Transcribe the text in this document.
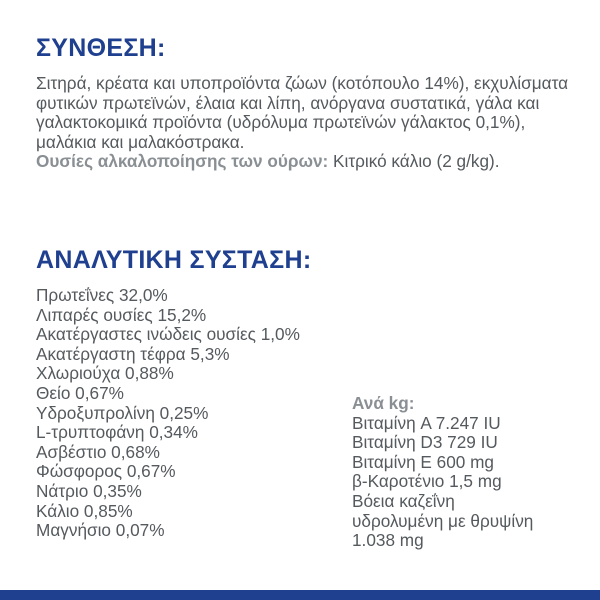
ΣΥΝΘΕΣΗ:

Σιτηρά, κρέατα και υποπροϊόντα ζώων (κοτόπουλο 14%), εκχυλίσματα φυτικών πρωτεϊνών, έλαια και λίπη, ανόργανα συστατικά, γάλα και γαλακτοκομικά προϊόντα (υδρόλυμα πρωτεϊνών γάλακτος 0,1%), μαλάκια και μαλακόστρακα.
Ουσίες αλκαλοποίησης των ούρων: Κιτρικό κάλιο (2 g/kg).

ΑΝΑΛΥΤΙΚΗ ΣΥΣΤΑΣΗ:
Πρωτεΐνες 32,0%
Λιπαρές ουσίες 15,2%
Ακατέργαστες ινώδεις ουσίες 1,0%
Ακατέργαστη τέφρα 5,3%
Χλωριούχα 0,88%
Θείο 0,67%
Υδροξυπρολίνη 0,25%
L-τρυπτοφάνη 0,34%
Ασβέστιο 0,68%
Φώσφορος 0,67%
Νάτριο 0,35%
Κάλιο 0,85%
Μαγνήσιο 0,07%
Ανά kg:
Βιταμίνη A 7.247 IU
Βιταμίνη D3 729 IU
Βιταμίνη E 600 mg
β-Καροτένιο 1,5 mg
Βόεια καζεΐνη
υδρολυμένη με θρυψίνη
1.038 mg
